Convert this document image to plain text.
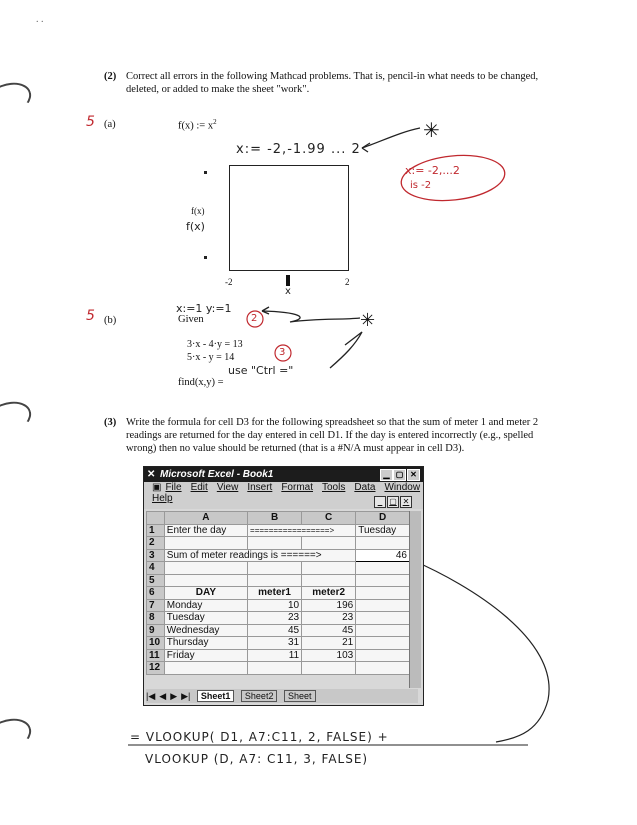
. .
(2) Correct all errors in the following Mathcad problems. That is, pencil-in what needs to be changed,
deleted, or added to make the sheet "work".
5 (a)	f(x) := $x^2$
x:= -2,-1.99 ... 2
f(x)
f(x)
-2	2
x
✳
x:= -2,...2
is -2
5 (b)
x:=1 y:=1
Given	2	✳
3·x - 4·y = 13
5·x - y = 14	3
use "Ctrl ="
find(x,y) =
(3) Write the formula for cell D3 for the following spreadsheet so that the sum of meter 1 and meter 2
readings are returned for the day entered in cell D1. If the day is entered incorrectly (e.g., spelled
wrong) then no value should be returned (that is a #N/A must appear in cell D3).
✕ Microsoft Excel - Book1	▁ ▢ ✕
▣ File Edit View Insert Format Tools Data Window
Help	_ ▢ ✕
	A	B	C	D
1	Enter the day	=================>		Tuesday
2				
3	Sum of meter readings is ======>			46
4				
5				
6	DAY	meter1	meter2	
7	Monday	10	196	
8	Tuesday	23	23	
9	Wednesday	45	45	
10	Thursday	31	21	
11	Friday	11	103	
12				
|◀ ◀ ▶ ▶| Sheet1 Sheet2 Sheet
= VLOOKUP( D1, A7:C11, 2, FALSE) +
VLOOKUP (D, A7: C11, 3, FALSE)
